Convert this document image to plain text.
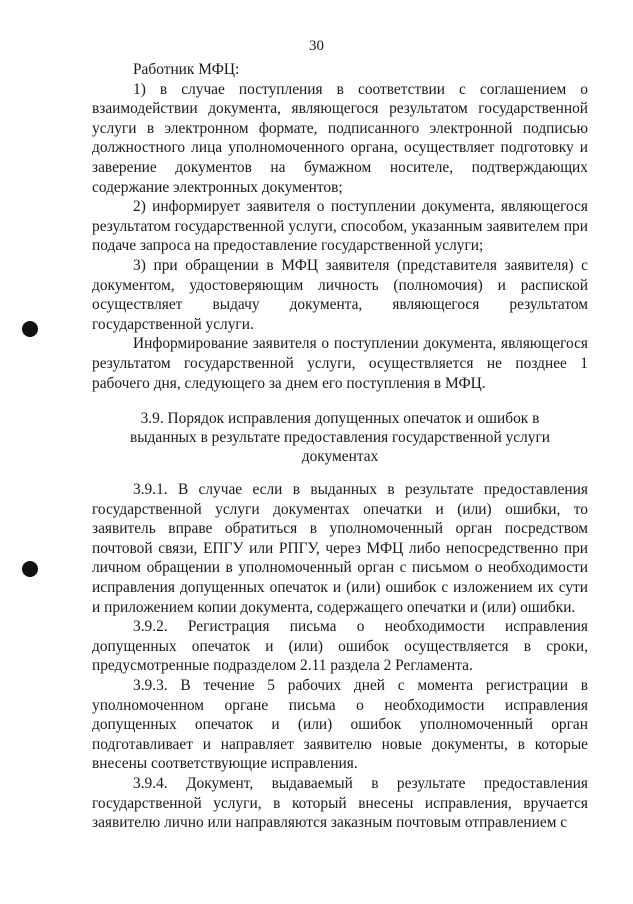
30

Работник МФЦ:

1) в случае поступления в соответствии с соглашением о взаимодействии документа, являющегося результатом государственной услуги в электронном формате, подписанного электронной подписью должностного лица уполномоченного органа, осуществляет подготовку и заверение документов на бумажном носителе, подтверждающих содержание электронных документов;

2) информирует заявителя о поступлении документа, являющегося результатом государственной услуги, способом, указанным заявителем при подаче запроса на предоставление государственной услуги;

3) при обращении в МФЦ заявителя (представителя заявителя) с документом, удостоверяющим личность (полномочия) и распиской осуществляет выдачу документа, являющегося результатом государственной услуги.

Информирование заявителя о поступлении документа, являющегося результатом государственной услуги, осуществляется не позднее 1 рабочего дня, следующего за днем его поступления в МФЦ.

3.9. Порядок исправления допущенных опечаток и ошибок в выданных в результате предоставления государственной услуги документах

3.9.1. В случае если в выданных в результате предоставления государственной услуги документах опечатки и (или) ошибки, то заявитель вправе обратиться в уполномоченный орган посредством почтовой связи, ЕПГУ или РПГУ, через МФЦ либо непосредственно при личном обращении в уполномоченный орган с письмом о необходимости исправления допущенных опечаток и (или) ошибок с изложением их сути и приложением копии документа, содержащего опечатки и (или) ошибки.

3.9.2. Регистрация письма о необходимости исправления допущенных опечаток и (или) ошибок осуществляется в сроки, предусмотренные подразделом 2.11 раздела 2 Регламента.

3.9.3. В течение 5 рабочих дней с момента регистрации в уполномоченном органе письма о необходимости исправления допущенных опечаток и (или) ошибок уполномоченный орган подготавливает и направляет заявителю новые документы, в которые внесены соответствующие исправления.

3.9.4. Документ, выдаваемый в результате предоставления государственной услуги, в который внесены исправления, вручается заявителю лично или направляются заказным почтовым отправлением с
